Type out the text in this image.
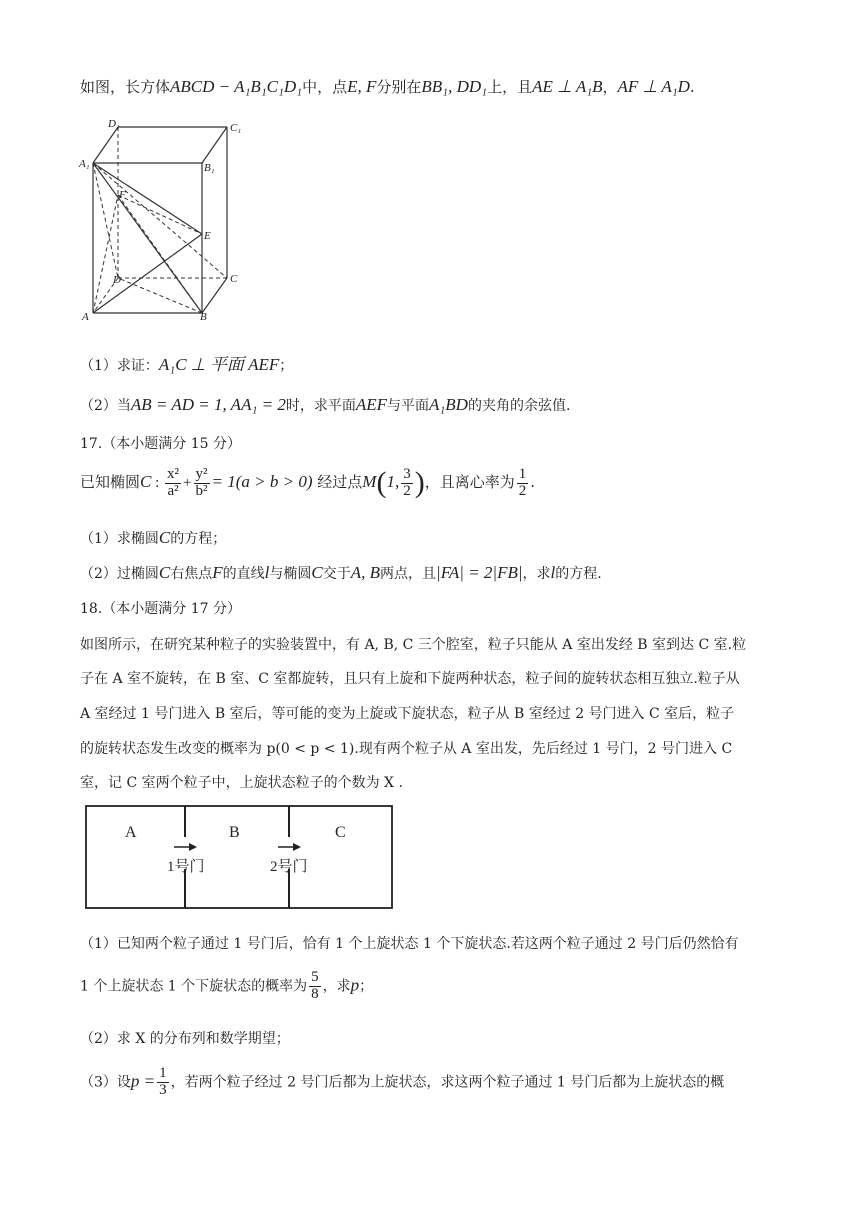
如图，长方体ABCD − A₁B₁C₁D₁中，点E, F分别在BB₁, DD₁上，且AE ⊥ A₁B，AF ⊥ A₁D.
D₁	C₁
A₁	B₁
F
E
D	C
A	B
（1）求证：A₁C ⊥ 平面 AEF；
（2）当AB = AD = 1, AA₁ = 2时，求平面AEF与平面A₁BD的夹角的余弦值.
17.（本小题满分 15 分）
已知椭圆C : $\frac{\text{x²}}{\text{a²}} + \frac{\text{y²}}{\text{b²}} = 1(a > b > 0)$ 经过点M(1, $\frac{3}{2}$ )，且离心率为 $\frac{1}{2}$ .
（1）求椭圆C的方程；
（2）过椭圆C右焦点F的直线l与椭圆C交于A, B两点，且|FA| = 2|FB|，求l的方程.
18.（本小题满分 17 分）
如图所示，在研究某种粒子的实验装置中，有 A, B, C 三个腔室，粒子只能从 A 室出发经 B 室到达 C 室.粒
子在 A 室不旋转，在 B 室、C 室都旋转，且只有上旋和下旋两种状态，粒子间的旋转状态相互独立.粒子从
A 室经过 1 号门进入 B 室后，等可能的变为上旋或下旋状态，粒子从 B 室经过 2 号门进入 C 室后，粒子
的旋转状态发生改变的概率为 p(0 < p < 1).现有两个粒子从 A 室出发，先后经过 1 号门，2 号门进入 C
室，记 C 室两个粒子中，上旋状态粒子的个数为 X .
A	B	C
1号门	2号门
（1）已知两个粒子通过 1 号门后，恰有 1 个上旋状态 1 个下旋状态.若这两个粒子通过 2 号门后仍然恰有
1 个上旋状态 1 个下旋状态的概率为 $\frac{5}{8}$ ，求p；
（2）求 X 的分布列和数学期望；
（3）设$p = \frac{1}{3}$ ，若两个粒子经过 2 号门后都为上旋状态，求这两个粒子通过 1 号门后都为上旋状态的概
